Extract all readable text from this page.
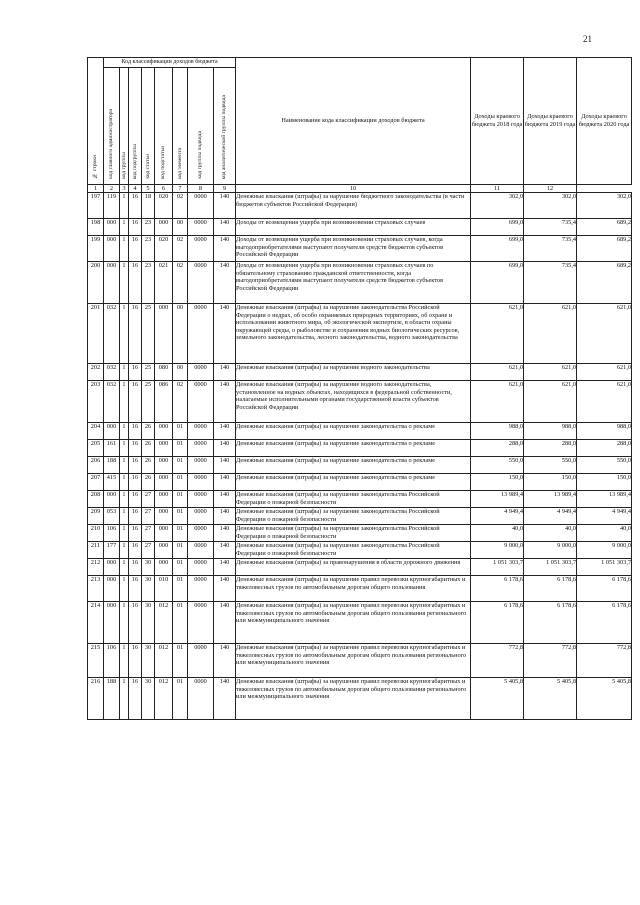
21
№ строки	Код классификации доходов бюджета								Наименование кода классификации доходов бюджета	Доходы краевого бюджета 2018 года	Доходы краевого бюджета 2019 года	Доходы краевого бюджета 2020 года
	код главного администратора	код группы	код подгруппы	код статьи	код подстатьи	код элемента	код группы подвида	код аналитической группы подвида				
1	2	3	4	5	6	7	8	9	10	11	12	
197	119	1	16	18	020	02	0000	140	Денежные взыскания (штрафы) за нарушение бюджетного законодательства (в части бюджетов субъектов Российской Федерации)	302,0	302,0	302,0
198	000	1	16	23	000	00	0000	140	Доходы от возмещения ущерба при возникновении страховых случаев	699,0	735,4	689,2
199	000	1	16	23	020	02	0000	140	Доходы от возмещения ущерба при возникновении страховых случаев, когда выгодоприобретателями выступают получатели средств бюджетов субъектов Российской Федерации	699,0	735,4	689,2
200	000	1	16	23	021	02	0000	140	Доходы от возмещения ущерба при возникновении страховых случаев по обязательному страхованию гражданской ответственности, когда выгодоприобретателями выступают получатели средств бюджетов субъектов Российской Федерации	699,0	735,4	689,2
201	032	1	16	25	000	00	0000	140	Денежные взыскания (штрафы) за нарушение законодательства Российской Федерации о недрах, об особо охраняемых природных территориях, об охране и использовании животного мира, об экологической экспертизе, в области охраны окружающей среды, о рыболовстве и сохранении водных биологических ресурсов, земельного законодательства, лесного законодательства, водного законодательства	621,0	621,0	621,0
202	032	1	16	25	080	00	0000	140	Денежные взыскания (штрафы) за нарушение водного законодательства	621,0	621,0	621,0
203	032	1	16	25	086	02	0000	140	Денежные взыскания (штрафы) за нарушение водного законодательства, установленное на водных объектах, находящихся в федеральной собственности, налагаемые исполнительными органами государственной власти субъектов Российской Федерации	621,0	621,0	621,0
204	000	1	16	26	000	01	0000	140	Денежные взыскания (штрафы) за нарушение законодательства о рекламе	988,0	988,0	988,0
205	161	1	16	26	000	01	0000	140	Денежные взыскания (штрафы) за нарушение законодательства о рекламе	288,0	288,0	288,0
206	188	1	16	26	000	01	0000	140	Денежные взыскания (штрафы) за нарушение законодательства о рекламе	550,0	550,0	550,0
207	415	1	16	26	000	01	0000	140	Денежные взыскания (штрафы) за нарушение законодательства о рекламе	150,0	150,0	150,0
208	000	1	16	27	000	01	0000	140	Денежные взыскания (штрафы) за нарушение законодательства Российской Федерации о пожарной безопасности	13 989,4	13 989,4	13 989,4
209	053	1	16	27	000	01	0000	140	Денежные взыскания (штрафы) за нарушение законодательства Российской Федерации о пожарной безопасности	4 949,4	4 949,4	4 949,4
210	106	1	16	27	000	01	0000	140	Денежные взыскания (штрафы) за нарушение законодательства Российской Федерации о пожарной безопасности	40,0	40,0	40,0
211	177	1	16	27	000	01	0000	140	Денежные взыскания (штрафы) за нарушение законодательства Российской Федерации о пожарной безопасности	9 000,0	9 000,0	9 000,0
212	000	1	16	30	000	01	0000	140	Денежные взыскания (штрафы) за правонарушения в области дорожного движения	1 051 303,7	1 051 303,7	1 051 303,7
213	000	1	16	30	010	01	0000	140	Денежные взыскания (штрафы) за нарушение правил перевозки крупногабаритных и тяжеловесных грузов по автомобильным дорогам общего пользования	6 178,6	6 178,6	6 178,6
214	000	1	16	30	012	01	0000	140	Денежные взыскания (штрафы) за нарушение правил перевозки крупногабаритных и тяжеловесных грузов по автомобильным дорогам общего пользования регионального или межмуниципального значения	6 178,6	6 178,6	6 178,6
215	106	1	16	30	012	01	0000	140	Денежные взыскания (штрафы) за нарушение правил перевозки крупногабаритных и тяжеловесных грузов по автомобильным дорогам общего пользования регионального или межмуниципального значения	772,8	772,8	772,8
216	188	1	16	30	012	01	0000	140	Денежные взыскания (штрафы) за нарушение правил перевозки крупногабаритных и тяжеловесных грузов по автомобильным дорогам общего пользования регионального или межмуниципального значения	5 405,8	5 405,8	5 405,8
